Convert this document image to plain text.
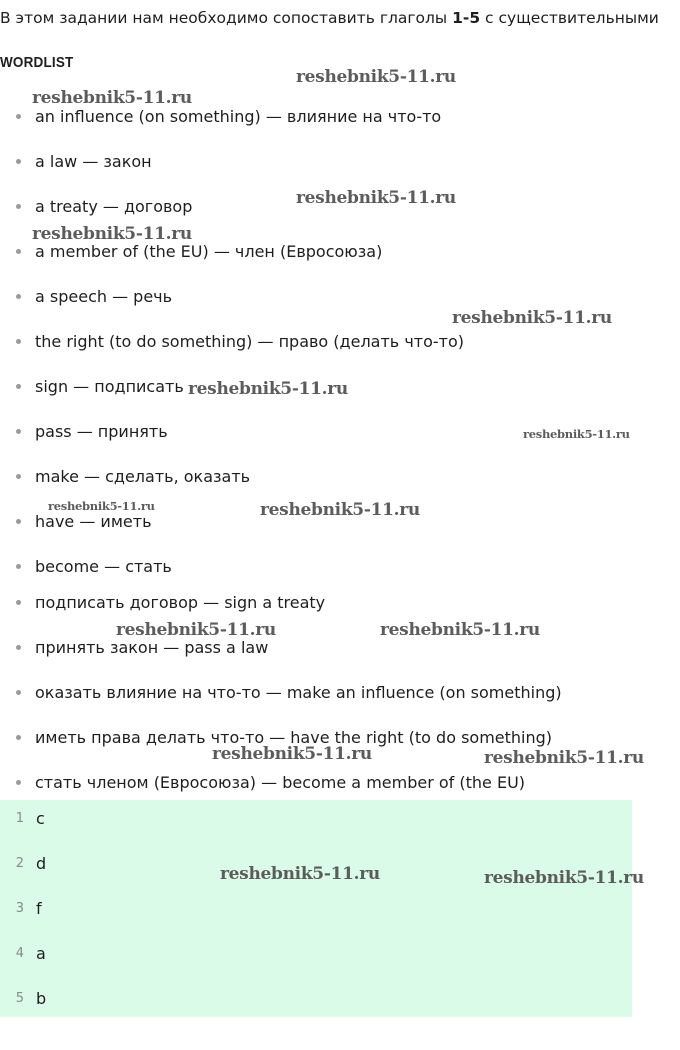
В этом задании нам необходимо сопоставить глаголы 1-5 с существительными
WORDLIST
an influence (on something) — влияние на что-то
a law — закон
a treaty — договор
a member of (the EU) — член (Евросоюза)
a speech — речь
the right (to do something) — право (делать что-то)
sign — подписать
pass — принять
make — сделать, оказать
have — иметь
become — стать
подписать договор — sign a treaty
принять закон — pass a law
оказать влияние на что-то — make an influence (on something)
иметь права делать что-то — have the right (to do something)
стать членом (Евросоюза) — become a member of (the EU)
1 c
2 d
3 f
4 a
5 b
reshebnik5-11.ru
reshebnik5-11.ru
reshebnik5-11.ru
reshebnik5-11.ru
reshebnik5-11.ru
reshebnik5-11.ru
reshebnik5-11.ru
reshebnik5-11.ru	reshebnik5-11.ru
reshebnik5-11.ru	reshebnik5-11.ru
reshebnik5-11.ru	reshebnik5-11.ru
reshebnik5-11.ru	reshebnik5-11.ru
